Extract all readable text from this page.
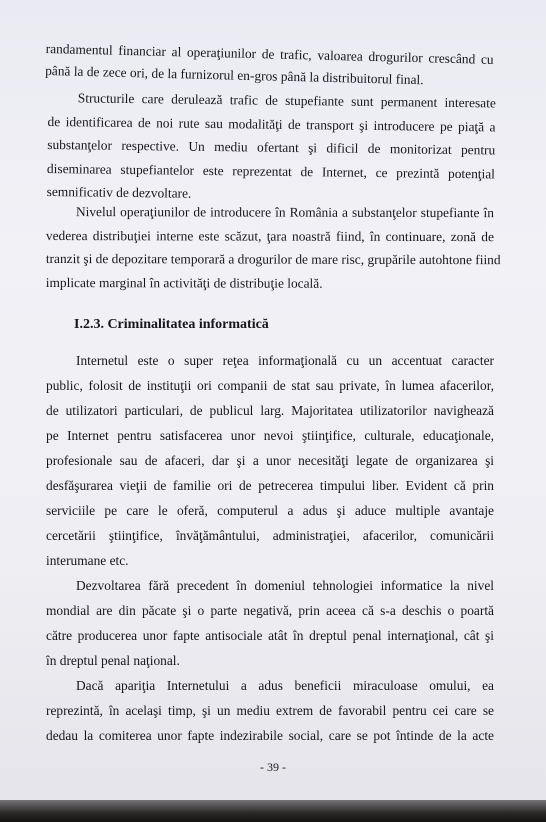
randamentul financiar al operaţiunilor de trafic, valoarea drogurilor crescând cu
până la de zece ori, de la furnizorul en-gros până la distribuitorul final.
Structurile care derulează trafic de stupefiante sunt permanent interesate
de identificarea de noi rute sau modalităţi de transport şi introducere pe piaţă a
substanţelor respective. Un mediu ofertant şi dificil de monitorizat pentru
diseminarea stupefiantelor este reprezentat de Internet, ce prezintă potenţial
semnificativ de dezvoltare.
Nivelul operaţiunilor de introducere în România a substanţelor stupefiante în
vederea distribuţiei interne este scăzut, ţara noastră fiind, în continuare, zonă de
tranzit şi de depozitare temporară a drogurilor de mare risc, grupările autohtone fiind
implicate marginal în activităţi de distribuţie locală.
I.2.3. Criminalitatea informatică
Internetul este o super reţea informaţională cu un accentuat caracter
public, folosit de instituţii ori companii de stat sau private, în lumea afacerilor,
de utilizatori particulari, de publicul larg. Majoritatea utilizatorilor navighează
pe Internet pentru satisfacerea unor nevoi ştiinţifice, culturale, educaţionale,
profesionale sau de afaceri, dar şi a unor necesităţi legate de organizarea şi
desfăşurarea vieţii de familie ori de petrecerea timpului liber. Evident că prin
serviciile pe care le oferă, computerul a adus şi aduce multiple avantaje
cercetării ştiinţifice, învăţământului, administraţiei, afacerilor, comunicării
interumane etc.
Dezvoltarea fără precedent în domeniul tehnologiei informatice la nivel
mondial are din păcate şi o parte negativă, prin aceea că s-a deschis o poartă
către producerea unor fapte antisociale atât în dreptul penal internaţional, cât şi
în dreptul penal naţional.
Dacă apariţia Internetului a adus beneficii miraculoase omului, ea
reprezintă, în acelaşi timp, şi un mediu extrem de favorabil pentru cei care se
dedau la comiterea unor fapte indezirabile social, care se pot întinde de la acte
- 39 -
